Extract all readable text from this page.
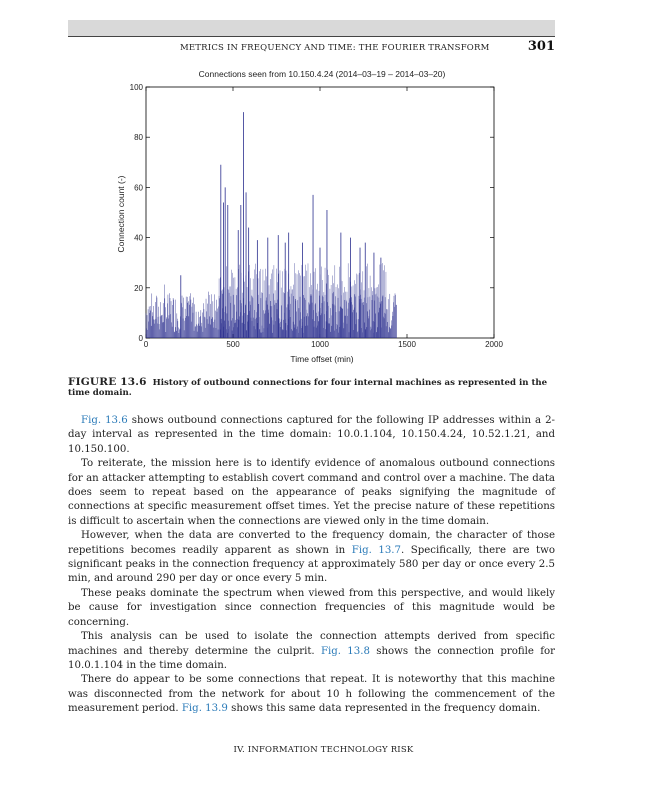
METRICS IN FREQUENCY AND TIME: THE FOURIER TRANSFORM	301
0	500	1000	1500	2000
0
20
40
60
80
100
Connections seen from 10.150.4.24 (2014–03–19 – 2014–03–20)
Time offset (min)
Connection count (-)
FIGURE 13.6 History of outbound connections for four internal machines as represented in the time domain.

Fig. 13.6 shows outbound connections captured for the following IP addresses within a 2-day interval as represented in the time domain: 10.0.1.104, 10.150.4.24, 10.52.1.21, and 10.150.100.

To reiterate, the mission here is to identify evidence of anomalous outbound connections for an attacker attempting to establish covert command and control over a machine. The data does seem to repeat based on the appearance of peaks signifying the magnitude of connections at specific measurement offset times. Yet the precise nature of these repetitions is difficult to ascertain when the connections are viewed only in the time domain.

However, when the data are converted to the frequency domain, the character of those repetitions becomes readily apparent as shown in Fig. 13.7. Specifically, there are two significant peaks in the connection frequency at approximately 580 per day or once every 2.5 min, and around 290 per day or once every 5 min.

These peaks dominate the spectrum when viewed from this perspective, and would likely be cause for investigation since connection frequencies of this magnitude would be concerning.

This analysis can be used to isolate the connection attempts derived from specific machines and thereby determine the culprit. Fig. 13.8 shows the connection profile for 10.0.1.104 in the time domain.

There do appear to be some connections that repeat. It is noteworthy that this machine was disconnected from the network for about 10 h following the commencement of the measurement period. Fig. 13.9 shows this same data represented in the frequency domain.

IV. INFORMATION TECHNOLOGY RISK
